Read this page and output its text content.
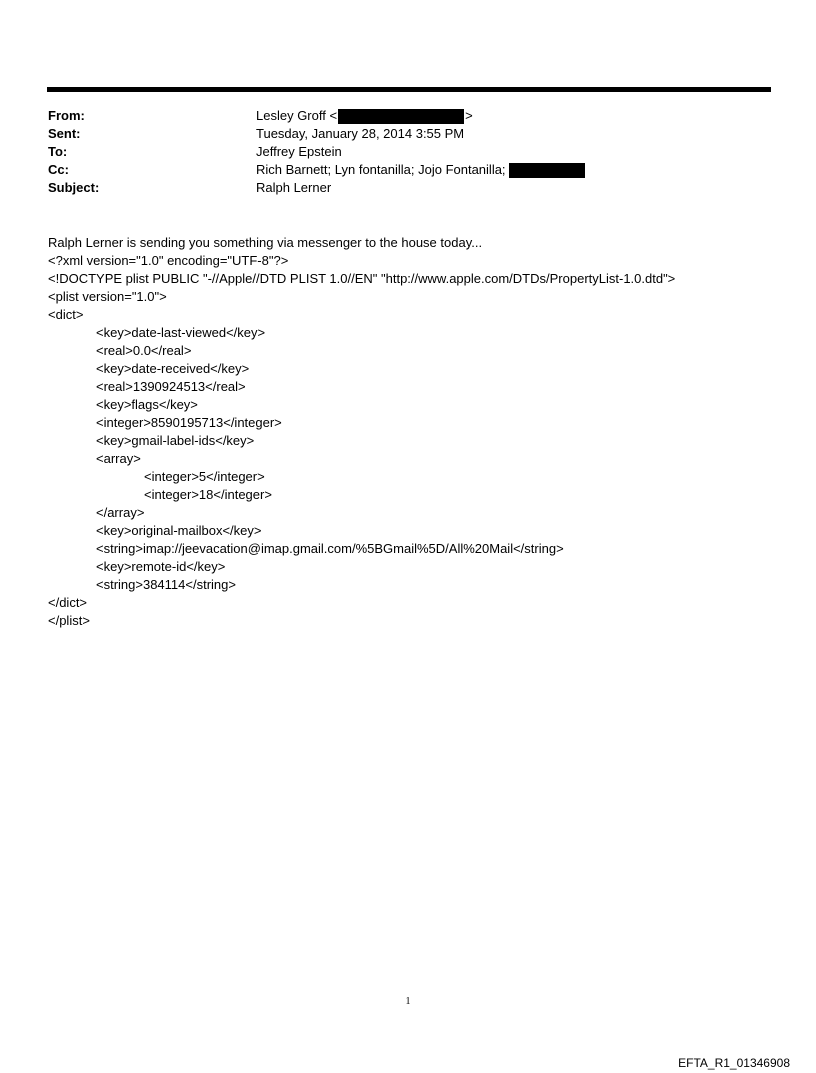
From:	Lesley Groff <	>
Sent:	Tuesday, January 28, 2014 3:55 PM
To:	Jeffrey Epstein
Cc:	Rich Barnett; Lyn fontanilla; Jojo Fontanilla;
Subject:	Ralph Lerner
Ralph Lerner is sending you something via messenger to the house today...
<?xml version="1.0" encoding="UTF-8"?>
<!DOCTYPE plist PUBLIC "-//Apple//DTD PLIST 1.0//EN" "http://www.apple.com/DTDs/PropertyList-1.0.dtd">
<plist version="1.0">
<dict>
<key>date-last-viewed</key>
<real>0.0</real>
<key>date-received</key>
<real>1390924513</real>
<key>flags</key>
<integer>8590195713</integer>
<key>gmail-label-ids</key>
<array>
<integer>5</integer>
<integer>18</integer>
</array>
<key>original-mailbox</key>
<string>imap://jeevacation@imap.gmail.com/%5BGmail%5D/All%20Mail</string>
<key>remote-id</key>
<string>384114</string>
</dict>
</plist>
1
EFTA_R1_01346908
